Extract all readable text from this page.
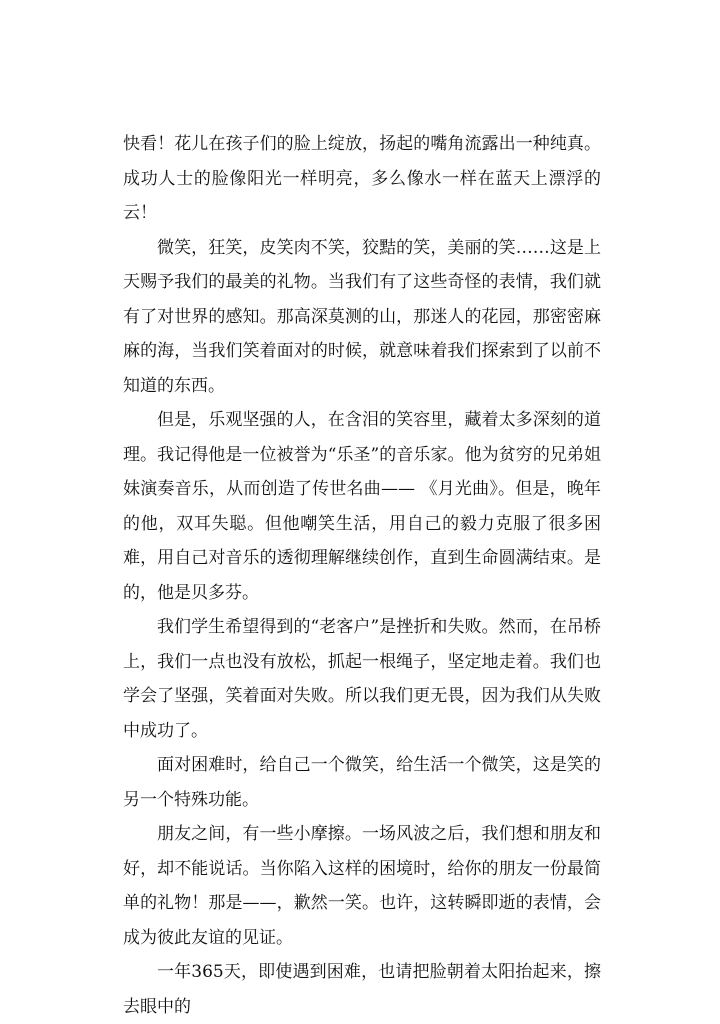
快看！花儿在孩子们的脸上绽放，扬起的嘴角流露出一种纯真。成功人士的脸像阳光一样明亮，多么像水一样在蓝天上漂浮的云！

微笑，狂笑，皮笑肉不笑，狡黠的笑，美丽的笑……这是上天赐予我们的最美的礼物。当我们有了这些奇怪的表情，我们就有了对世界的感知。那高深莫测的山，那迷人的花园，那密密麻麻的海，当我们笑着面对的时候，就意味着我们探索到了以前不知道的东西。

但是，乐观坚强的人，在含泪的笑容里，藏着太多深刻的道理。我记得他是一位被誉为“乐圣”的音乐家。他为贫穷的兄弟姐妹演奏音乐，从而创造了传世名曲—— 《月光曲》。但是，晚年的他，双耳失聪。但他嘲笑生活，用自己的毅力克服了很多困难，用自己对音乐的透彻理解继续创作，直到生命圆满结束。是的，他是贝多芬。

我们学生希望得到的“老客户”是挫折和失败。然而，在吊桥上，我们一点也没有放松，抓起一根绳子，坚定地走着。我们也学会了坚强，笑着面对失败。所以我们更无畏，因为我们从失败中成功了。

面对困难时，给自己一个微笑，给生活一个微笑，这是笑的另一个特殊功能。

朋友之间，有一些小摩擦。一场风波之后，我们想和朋友和好，却不能说话。当你陷入这样的困境时，给你的朋友一份最简单的礼物！那是——，歉然一笑。也许，这转瞬即逝的表情，会成为彼此友谊的见证。

一年365天，即使遇到困难，也请把脸朝着太阳抬起来，擦去眼中的
